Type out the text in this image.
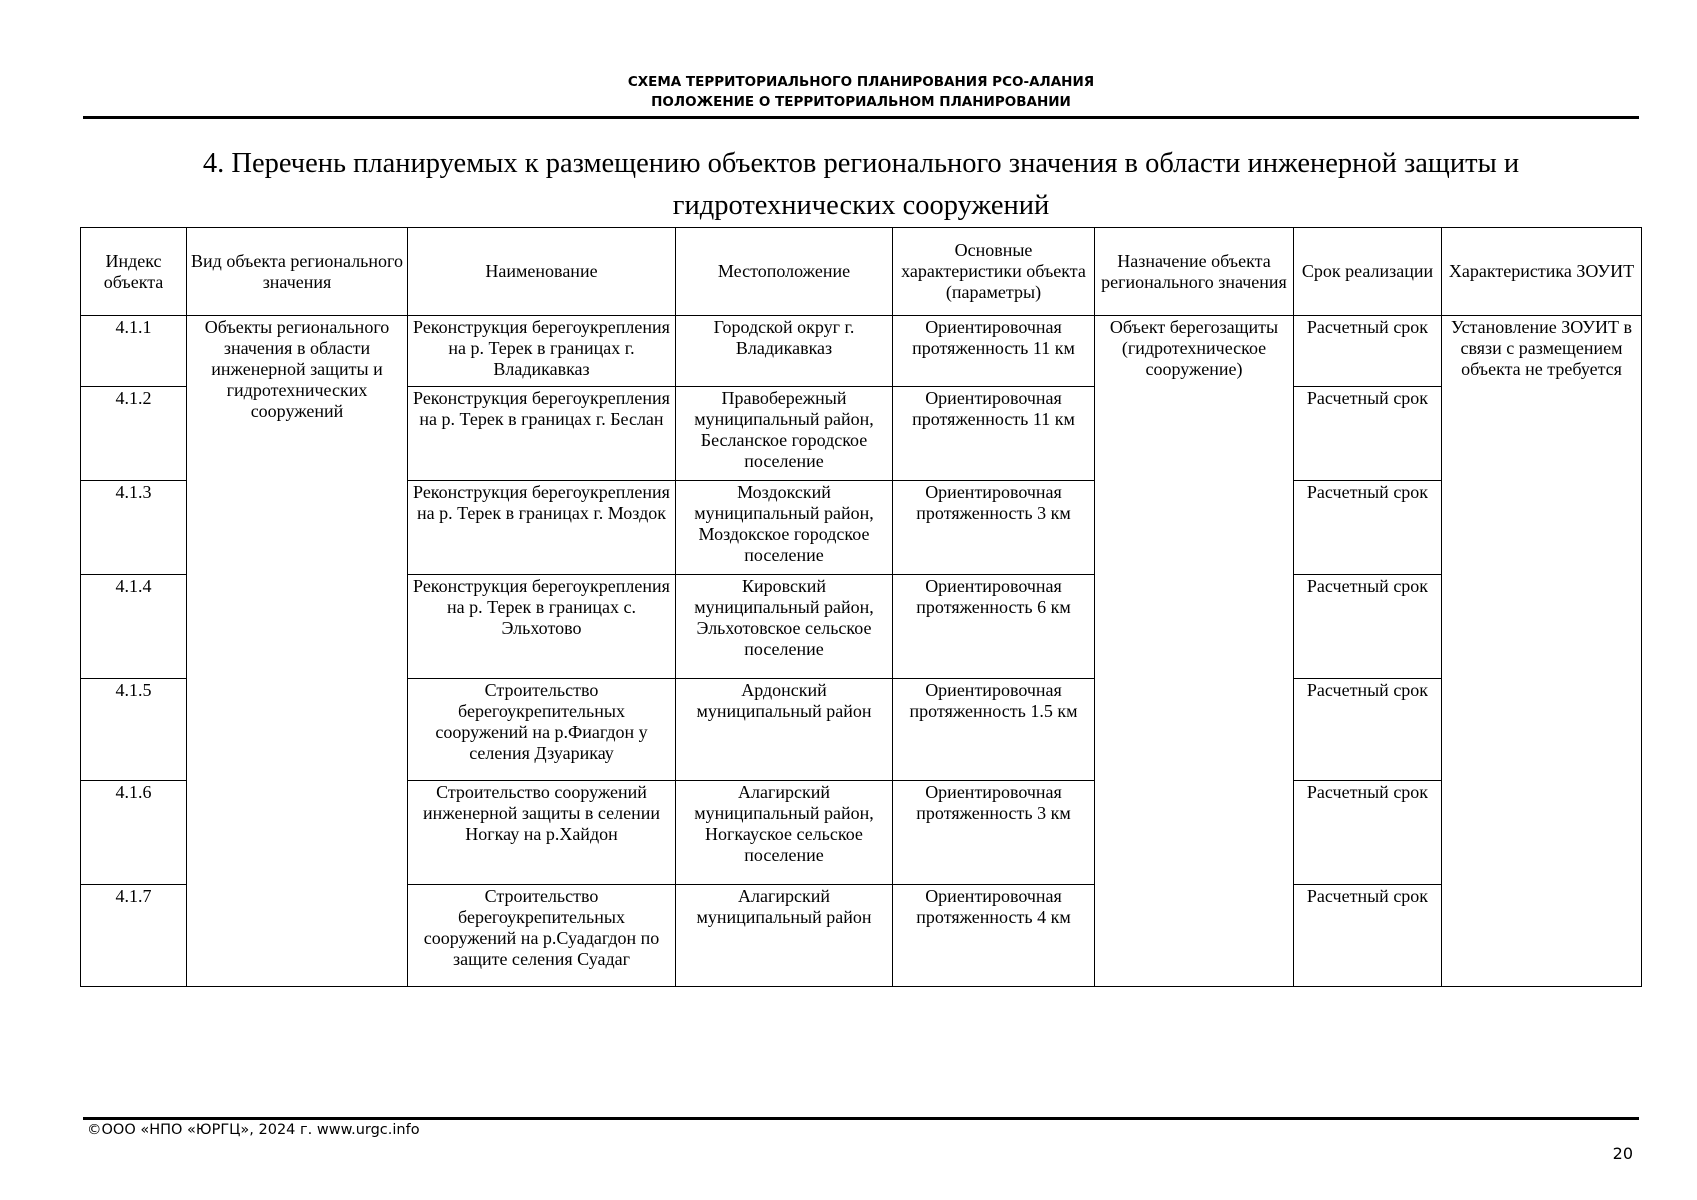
СХЕМА ТЕРРИТОРИАЛЬНОГО ПЛАНИРОВАНИЯ РСО-АЛАНИЯ
ПОЛОЖЕНИЕ О ТЕРРИТОРИАЛЬНОМ ПЛАНИРОВАНИИ
4. Перечень планируемых к размещению объектов регионального значения в области инженерной защиты и
гидротехнических сооружений
Индекс объекта	Вид объекта регионального значения	Наименование	Местоположение	Основные характеристики объекта (параметры)	Назначение объекта регионального значения	Срок реализации	Характеристика ЗОУИТ
4.1.1	Объекты регионального значения в области инженерной защиты и гидротехнических сооружений	Реконструкция берегоукрепления на р. Терек в границах г. Владикавказ	Городской округ г. Владикавказ	Ориентировочная протяженность 11 км	Объект берегозащиты (гидротехническое сооружение)	Расчетный срок	Установление ЗОУИТ в связи с размещением объекта не требуется
4.1.2		Реконструкция берегоукрепления на р. Терек в границах г. Беслан	Правобережный муниципальный район, Бесланское городское поселение	Ориентировочная протяженность 11 км		Расчетный срок	
4.1.3		Реконструкция берегоукрепления на р. Терек в границах г. Моздок	Моздокский муниципальный район, Моздокское городское поселение	Ориентировочная протяженность 3 км		Расчетный срок	
4.1.4		Реконструкция берегоукрепления на р. Терек в границах с. Эльхотово	Кировский муниципальный район, Эльхотовское сельское поселение	Ориентировочная протяженность 6 км		Расчетный срок	
4.1.5		Строительство берегоукрепительных сооружений на р.Фиагдон у селения Дзуарикау	Ардонский муниципальный район	Ориентировочная протяженность 1.5 км		Расчетный срок	
4.1.6		Строительство сооружений инженерной защиты в селении Ногкау на р.Хайдон	Алагирский муниципальный район, Ногкауское сельское поселение	Ориентировочная протяженность 3 км		Расчетный срок	
4.1.7		Строительство берегоукрепительных сооружений на р.Суадагдон по защите селения Суадаг	Алагирский муниципальный район	Ориентировочная протяженность 4 км		Расчетный срок	
©ООО «НПО «ЮРГЦ», 2024 г. www.urgc.info
20
